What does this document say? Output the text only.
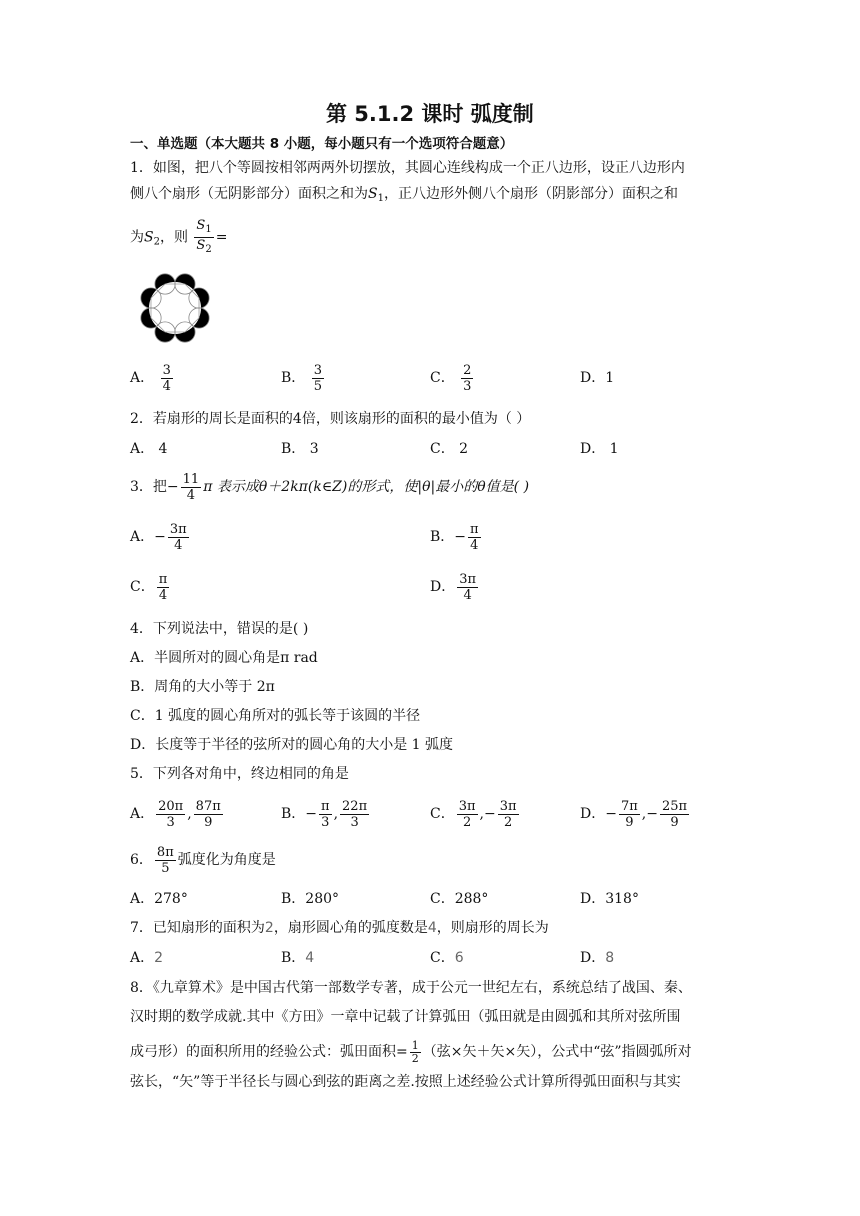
第 5.1.2 课时 弧度制
一、单选题（本大题共 8 小题，每小题只有一个选项符合题意）
1．如图，把八个等圆按相邻两两外切摆放，其圆心连线构成一个正八边形，设正八边形内
侧八个扇形（无阴影部分）面积之和为$S_1$，正八边形外侧八个扇形（阴影部分）面积之和
为$S_2$，则 $\frac{S_1}{S_2}$ =
A． $\frac{3}{4}$	B． $\frac{3}{5}$	C． $\frac{2}{3}$	D．1
2．若扇形的周长是面积的4倍，则该扇形的面积的最小值为（ ）
A． 4	B． 3	C． 2	D． 1
3．把− $\frac{11}{4}$ π 表示成θ＋2kπ(k∈Z)的形式，使|θ|最小的θ值是( )
A．− $\frac{3\pi}{4}$	B．− $\frac{\pi}{4}$
C． $\frac{\pi}{4}$	D． $\frac{3\pi}{4}$
4．下列说法中，错误的是( )
A．半圆所对的圆心角是π rad
B．周角的大小等于 2π
C．1 弧度的圆心角所对的弧长等于该圆的半径
D．长度等于半径的弦所对的圆心角的大小是 1 弧度
5．下列各对角中，终边相同的角是
A． $\frac{20\pi}{3}$ , $\frac{87\pi}{9}$	B．− $\frac{\pi}{3}$ , $\frac{22\pi}{3}$	C． $\frac{3\pi}{2}$ ,− $\frac{3\pi}{2}$	D．− $\frac{7\pi}{9}$ ,− $\frac{25\pi}{9}$
6． $\frac{8\pi}{5}$ 弧度化为角度是
A．278°	B．280°	C．288°	D．318°
7．已知扇形的面积为2，扇形圆心角的弧度数是4，则扇形的周长为
A．2	B．4	C．6	D．8
8．《九章算术》是中国古代第一部数学专著，成于公元一世纪左右，系统总结了战国、秦、
汉时期的数学成就.其中《方田》一章中记载了计算弧田（弧田就是由圆弧和其所对弦所围
成弓形）的面积所用的经验公式：弧田面积= $\frac{1}{2}$ （弦×矢＋矢×矢），公式中“弦”指圆弧所对
弦长，“矢”等于半径长与圆心到弦的距离之差.按照上述经验公式计算所得弧田面积与其实
